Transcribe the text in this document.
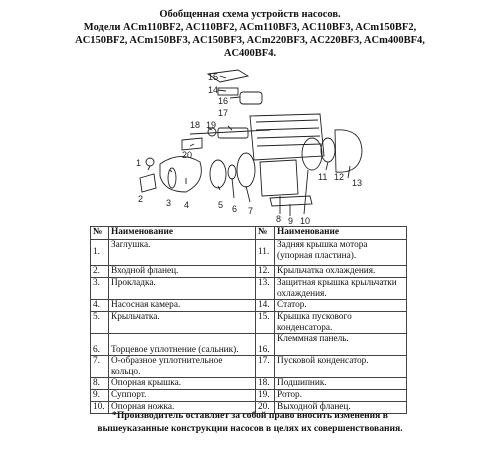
Обобщенная схема устройств насосов.
Модели ACm110BF2, AC110BF2, ACm110BF3, AC110BF3, ACm150BF2,
AC150BF2, ACm150BF3, AC150BF3, ACm220BF3, AC220BF3, ACm400BF4,
AC400BF4.
15
14
16
17
18 19
20
1
2	3 4	5 6 7
8 9 10
11 12
13
№	Наименование	№	Наименование
1.	Заглушка.	11.	Задняя крышка мотора (упорная пластина).
2.	Входной фланец.	12.	Крыльчатка охлаждения.
3.	Прокладка.	13.	Защитная крышка крыльчатки охлаждения.
4.	Насосная камера.	14.	Статор.
5.	Крыльчатка.	15.	Крышка пускового конденсатора.
6.	Торцевое уплотнение (сальник).	16.	Клеммная панель.
7.	О-образное уплотнительное кольцо.	17.	Пусковой конденсатор.
8.	Опорная крышка.	18.	Подшипник.
9.	Суппорт.	19.	Ротор.
10.	Опорная ножка.	20.	Выходной фланец.
*Производитель оставляет за собой право вносить изменения в
вышеуказанные конструкции насосов в целях их совершенствования.
